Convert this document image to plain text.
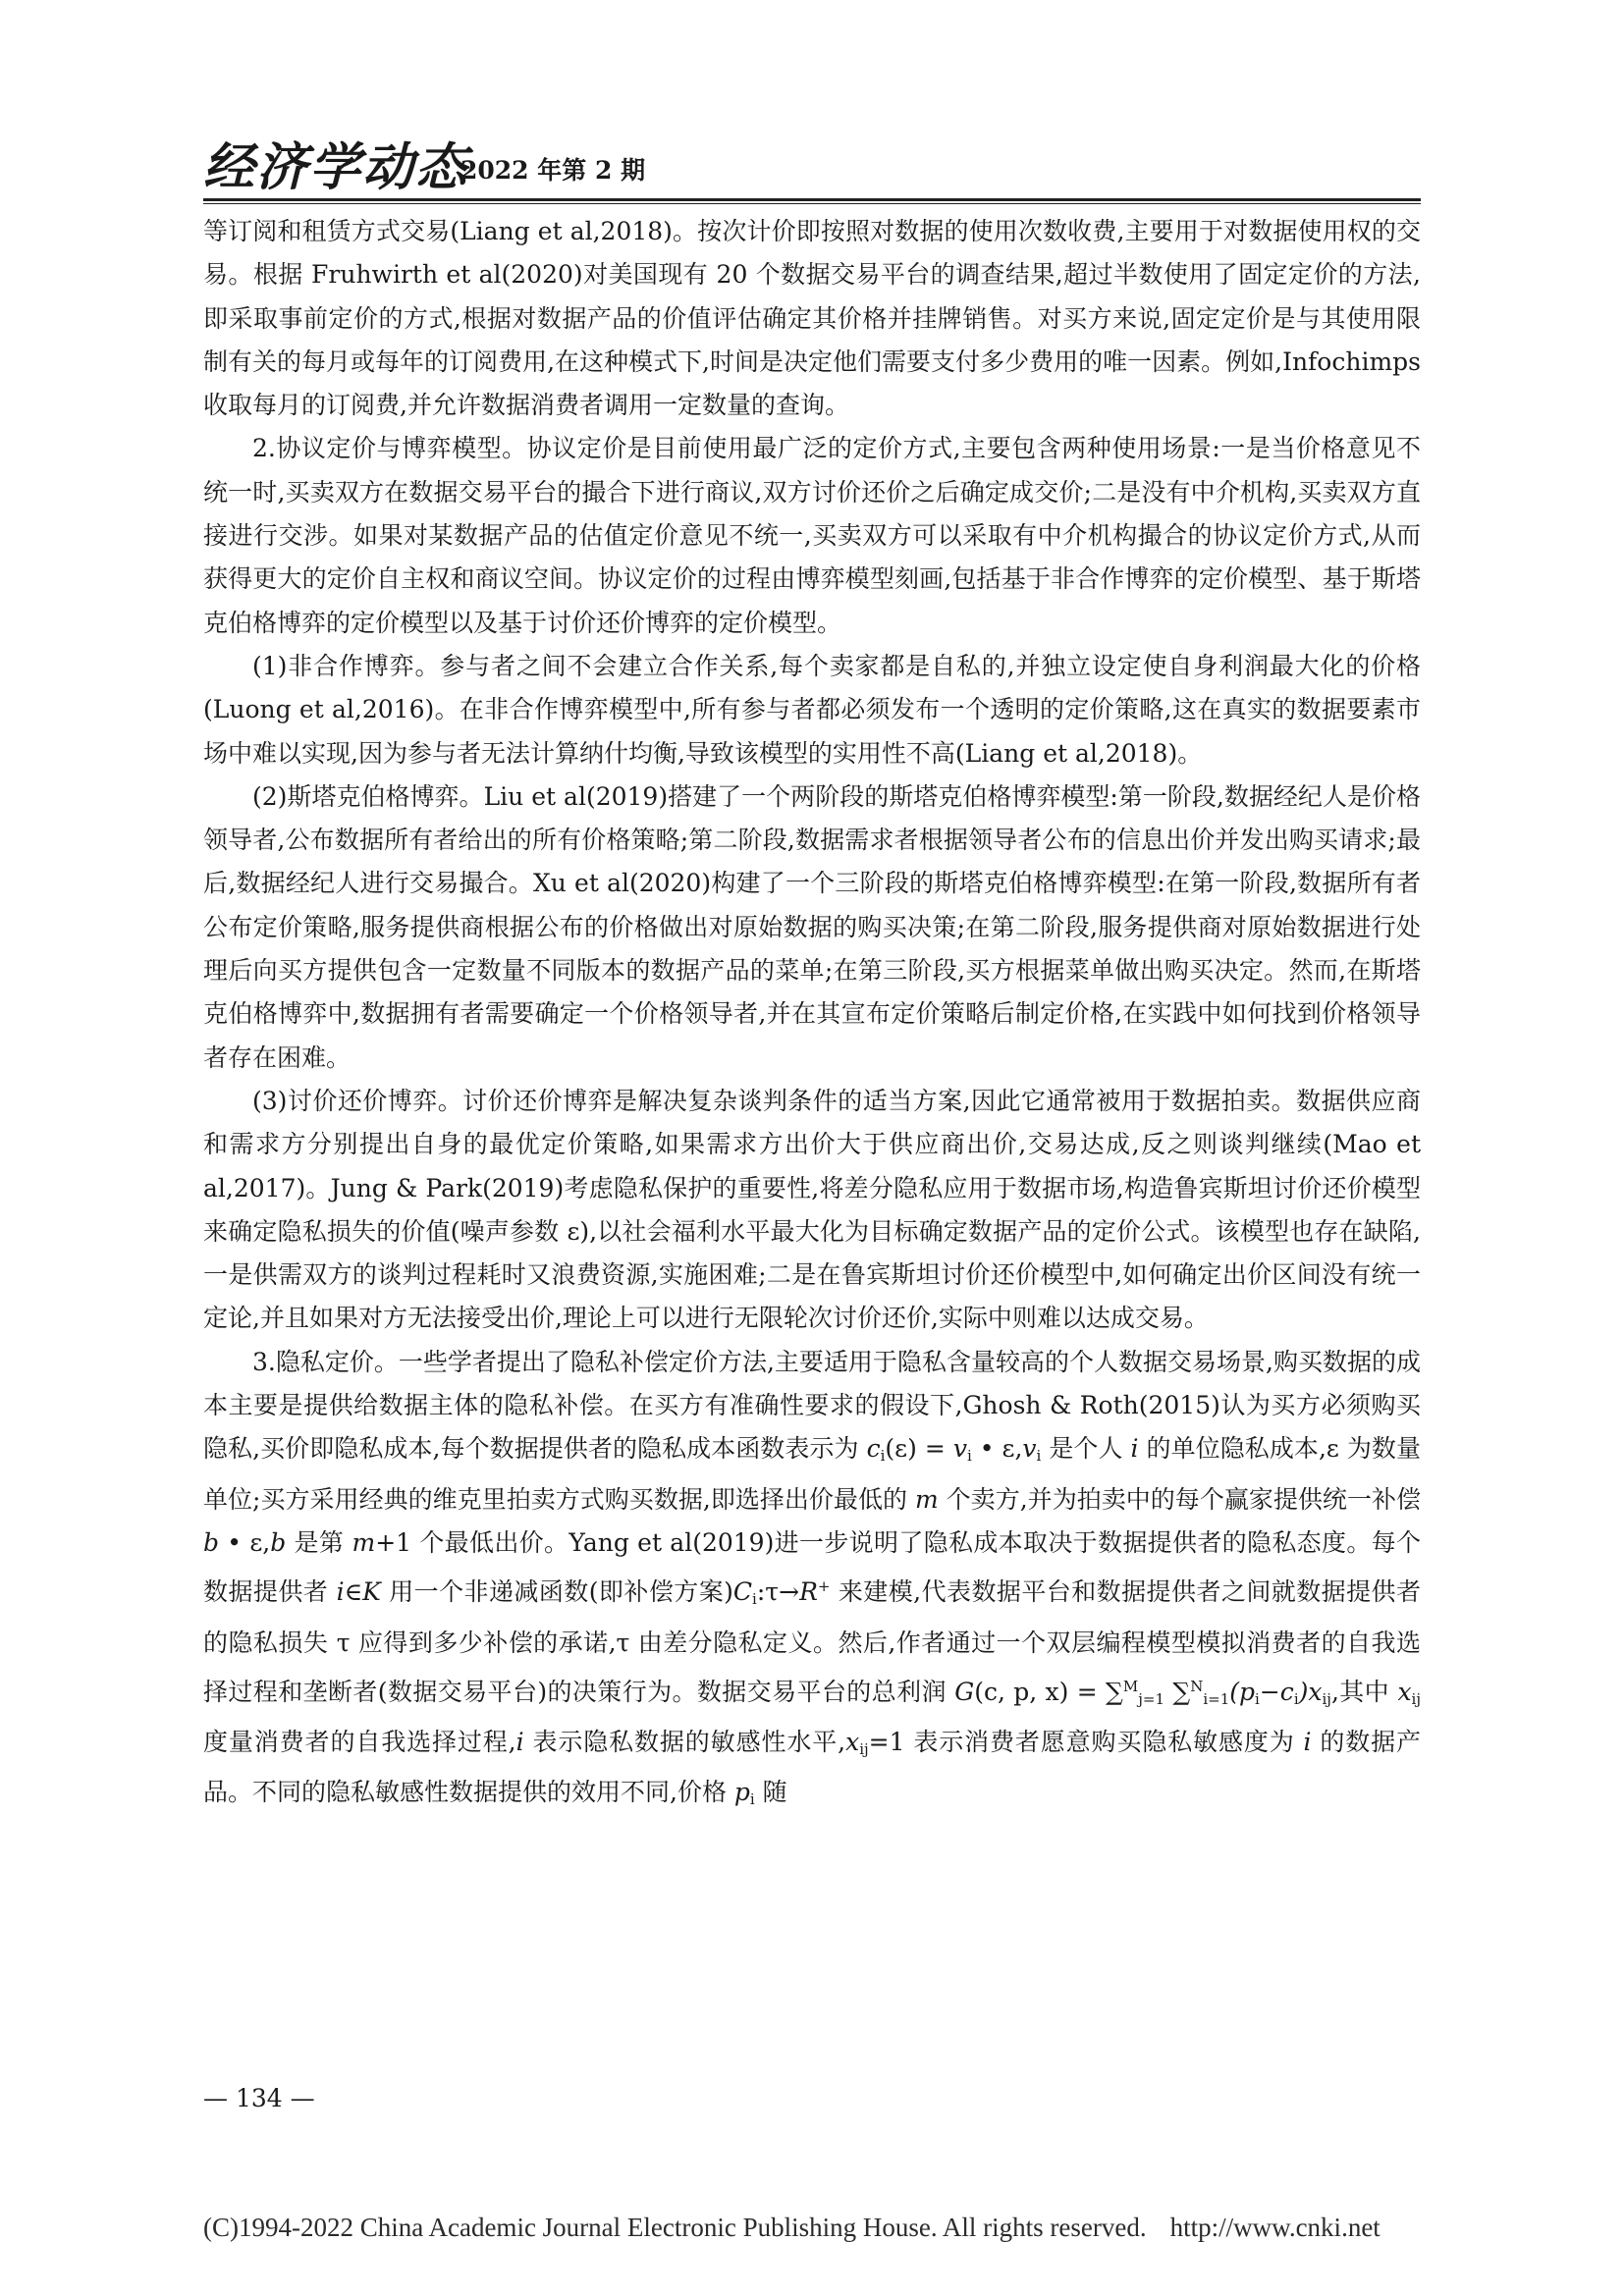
经济学动态
2022 年第 2 期

等订阅和租赁方式交易(Liang et al,2018)。按次计价即按照对数据的使用次数收费,主要用于对数据使用权的交易。根据 Fruhwirth et al(2020)对美国现有 20 个数据交易平台的调查结果,超过半数使用了固定定价的方法,即采取事前定价的方式,根据对数据产品的价值评估确定其价格并挂牌销售。对买方来说,固定定价是与其使用限制有关的每月或每年的订阅费用,在这种模式下,时间是决定他们需要支付多少费用的唯一因素。例如,Infochimps 收取每月的订阅费,并允许数据消费者调用一定数量的查询。

2.协议定价与博弈模型。协议定价是目前使用最广泛的定价方式,主要包含两种使用场景:一是当价格意见不统一时,买卖双方在数据交易平台的撮合下进行商议,双方讨价还价之后确定成交价;二是没有中介机构,买卖双方直接进行交涉。如果对某数据产品的估值定价意见不统一,买卖双方可以采取有中介机构撮合的协议定价方式,从而获得更大的定价自主权和商议空间。协议定价的过程由博弈模型刻画,包括基于非合作博弈的定价模型、基于斯塔克伯格博弈的定价模型以及基于讨价还价博弈的定价模型。

(1)非合作博弈。参与者之间不会建立合作关系,每个卖家都是自私的,并独立设定使自身利润最大化的价格(Luong et al,2016)。在非合作博弈模型中,所有参与者都必须发布一个透明的定价策略,这在真实的数据要素市场中难以实现,因为参与者无法计算纳什均衡,导致该模型的实用性不高(Liang et al,2018)。

(2)斯塔克伯格博弈。Liu et al(2019)搭建了一个两阶段的斯塔克伯格博弈模型:第一阶段,数据经纪人是价格领导者,公布数据所有者给出的所有价格策略;第二阶段,数据需求者根据领导者公布的信息出价并发出购买请求;最后,数据经纪人进行交易撮合。Xu et al(2020)构建了一个三阶段的斯塔克伯格博弈模型:在第一阶段,数据所有者公布定价策略,服务提供商根据公布的价格做出对原始数据的购买决策;在第二阶段,服务提供商对原始数据进行处理后向买方提供包含一定数量不同版本的数据产品的菜单;在第三阶段,买方根据菜单做出购买决定。然而,在斯塔克伯格博弈中,数据拥有者需要确定一个价格领导者,并在其宣布定价策略后制定价格,在实践中如何找到价格领导者存在困难。

(3)讨价还价博弈。讨价还价博弈是解决复杂谈判条件的适当方案,因此它通常被用于数据拍卖。数据供应商和需求方分别提出自身的最优定价策略,如果需求方出价大于供应商出价,交易达成,反之则谈判继续(Mao et al,2017)。Jung & Park(2019)考虑隐私保护的重要性,将差分隐私应用于数据市场,构造鲁宾斯坦讨价还价模型来确定隐私损失的价值(噪声参数 ε),以社会福利水平最大化为目标确定数据产品的定价公式。该模型也存在缺陷,一是供需双方的谈判过程耗时又浪费资源,实施困难;二是在鲁宾斯坦讨价还价模型中,如何确定出价区间没有统一定论,并且如果对方无法接受出价,理论上可以进行无限轮次讨价还价,实际中则难以达成交易。

3.隐私定价。一些学者提出了隐私补偿定价方法,主要适用于隐私含量较高的个人数据交易场景,购买数据的成本主要是提供给数据主体的隐私补偿。在买方有准确性要求的假设下,Ghosh & Roth(2015)认为买方必须购买隐私,买价即隐私成本,每个数据提供者的隐私成本函数表示为 $c_i(\varepsilon) = v_i$ • $\varepsilon,v_i$ 是个人 i 的单位隐私成本,ε 为数量单位;买方采用经典的维克里拍卖方式购买数据,即选择出价最低的 m 个卖方,并为拍卖中的每个赢家提供统一补偿 b • ε,b 是第 m+1 个最低出价。Yang et al(2019)进一步说明了隐私成本取决于数据提供者的隐私态度。每个数据提供者 i∈K 用一个非递减函数(即补偿方案)$C_i:\tau\to R^+$ 来建模,代表数据平台和数据提供者之间就数据提供者的隐私损失 τ 应得到多少补偿的承诺,τ 由差分隐私定义。然后,作者通过一个双层编程模型模拟消费者的自我选择过程和垄断者(数据交易平台)的决策行为。数据交易平台的总利润 G(c, p, x) = ∑$^M_{j=1}$ $\sum^N_{i=1}(p_i-c_i)x_{ij}$,其中 $x_{ij}$ 度量消费者的自我选择过程,i 表示隐私数据的敏感性水平$,x_{ij}=1$ 表示消费者愿意购买隐私敏感度为 i 的数据产品。不同的隐私敏感性数据提供的效用不同,价格 $p_i$ 随

— 134 —
(C)1994-2022 China Academic Journal Electronic Publishing House. All rights reserved. http://www.cnki.net
